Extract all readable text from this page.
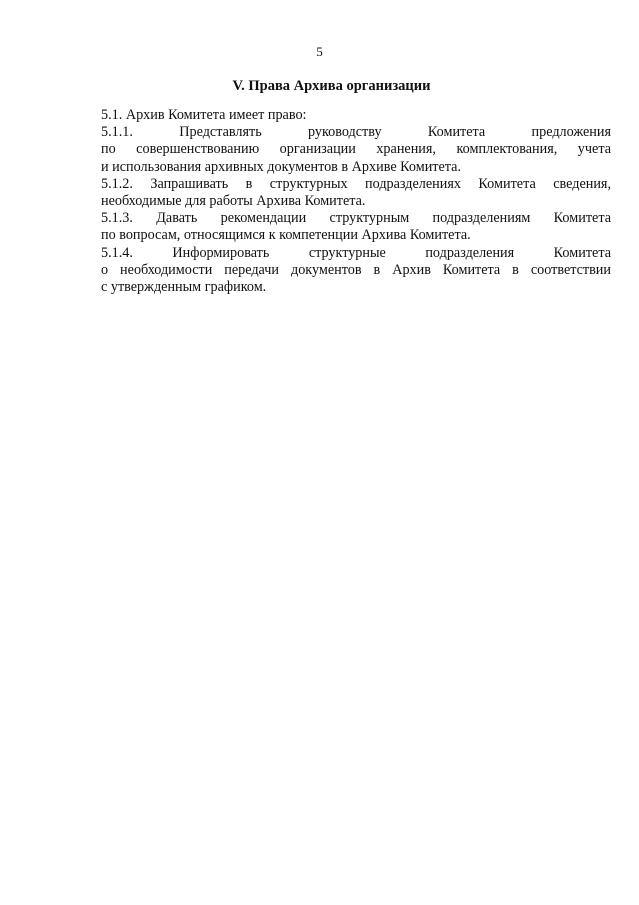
5
V. Права Архива организации
5.1. Архив Комитета имеет право:
5.1.1. Представлять руководству Комитета предложения
по совершенствованию организации хранения, комплектования, учета
и использования архивных документов в Архиве Комитета.
5.1.2. Запрашивать в структурных подразделениях Комитета сведения,
необходимые для работы Архива Комитета.
5.1.3. Давать рекомендации структурным подразделениям Комитета
по вопросам, относящимся к компетенции Архива Комитета.
5.1.4. Информировать структурные подразделения Комитета
о необходимости передачи документов в Архив Комитета в соответствии
с утвержденным графиком.
